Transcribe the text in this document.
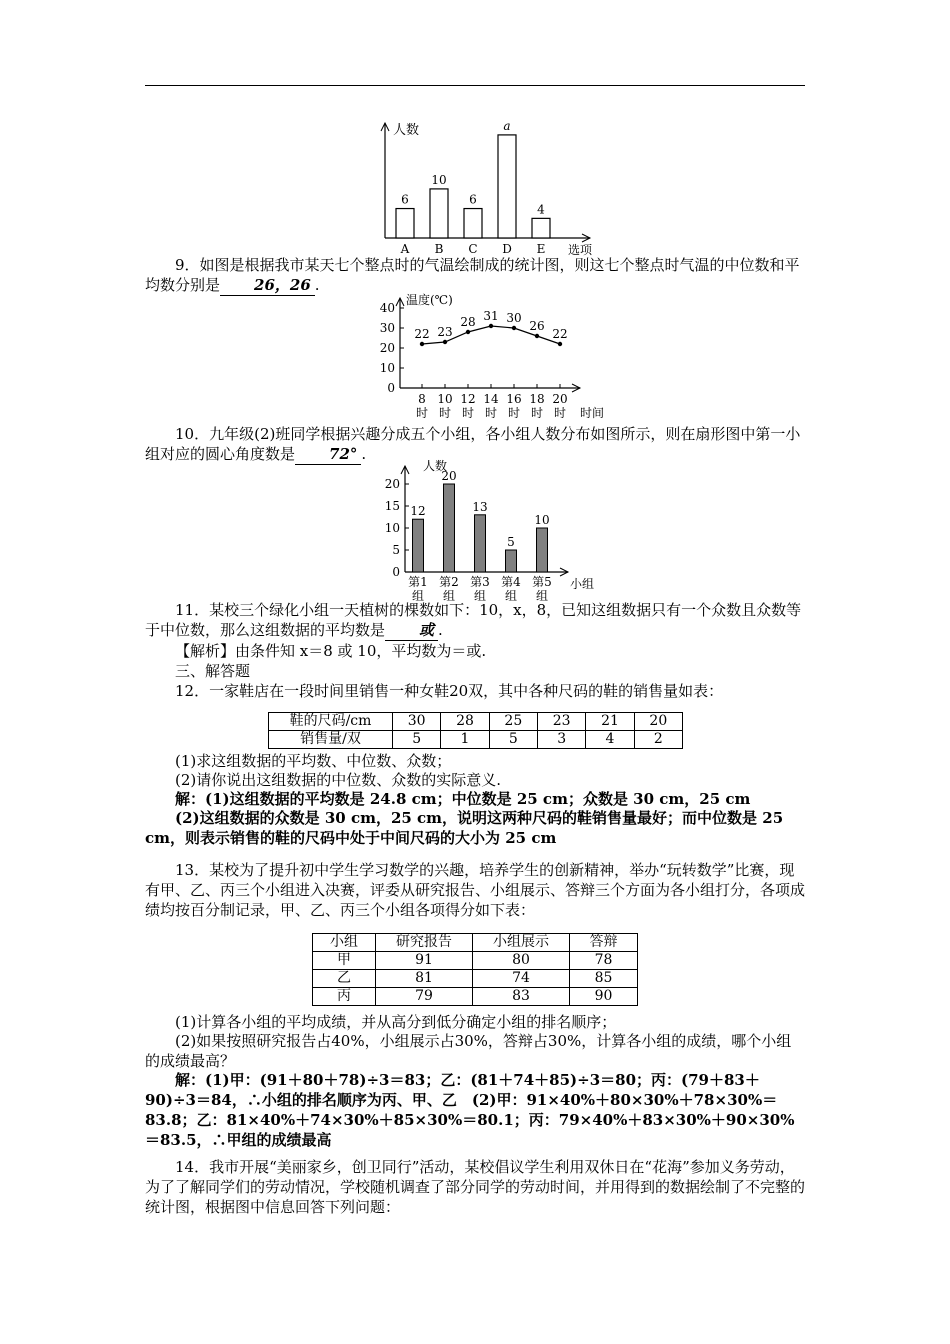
人数
选项
6
A
10
B
6
C
a
D
4
E
9．如图是根据我市某天七个整点时的气温绘制成的统计图，则这七个整点时气温的中位数和平均数分别是 26，26 .
温度(℃)
时间
0
10
20
30
40
22
8
时
23
10
时
28
12
时
31
14
时
30
16
时
26
18
时
22
20
时
10．九年级(2)班同学根据兴趣分成五个小组，各小组人数分布如图所示，则在扇形图中第一小组对应的圆心角度数是 72° .
人数
小组
0
5
10
15
20
12
第1
组
20
第2
组
13
第3
组
5
第4
组
10
第5
组
11．某校三个绿化小组一天植树的棵数如下：10，x，8，已知这组数据只有一个众数且众数等于中位数，那么这组数据的平均数是 或 .
【解析】由条件知 x＝8 或 10，平均数为＝或.
三、解答题
12．一家鞋店在一段时间里销售一种女鞋20双，其中各种尺码的鞋的销售量如表：
鞋的尺码/cm	30	28	25	23	21	20
销售量/双	5	1	5	3	4	2
(1)求这组数据的平均数、中位数、众数；
(2)请你说出这组数据的中位数、众数的实际意义.
解：(1)这组数据的平均数是 24.8 cm；中位数是 25 cm；众数是 30 cm，25 cm
(2)这组数据的众数是 30 cm，25 cm，说明这两种尺码的鞋销售量最好；而中位数是 25 cm，则表示销售的鞋的尺码中处于中间尺码的大小为 25 cm
13．某校为了提升初中学生学习数学的兴趣，培养学生的创新精神，举办“玩转数学”比赛，现有甲、乙、丙三个小组进入决赛，评委从研究报告、小组展示、答辩三个方面为各小组打分，各项成绩均按百分制记录，甲、乙、丙三个小组各项得分如下表：
小组	研究报告	小组展示	答辩
甲	91	80	78
乙	81	74	85
丙	79	83	90
(1)计算各小组的平均成绩，并从高分到低分确定小组的排名顺序；
(2)如果按照研究报告占40%，小组展示占30%，答辩占30%，计算各小组的成绩，哪个小组的成绩最高？
解：(1)甲：(91＋80＋78)÷3＝83；乙：(81＋74＋85)÷3＝80；丙：(79＋83＋90)÷3＝84，∴小组的排名顺序为丙、甲、乙　(2)甲：91×40%＋80×30%＋78×30%＝83.8；乙：81×40%＋74×30%＋85×30%＝80.1；丙：79×40%＋83×30%＋90×30%＝83.5，∴甲组的成绩最高
14．我市开展“美丽家乡，创卫同行”活动，某校倡议学生利用双休日在“花海”参加义务劳动，为了了解同学们的劳动情况，学校随机调查了部分同学的劳动时间，并用得到的数据绘制了不完整的统计图，根据图中信息回答下列问题：
